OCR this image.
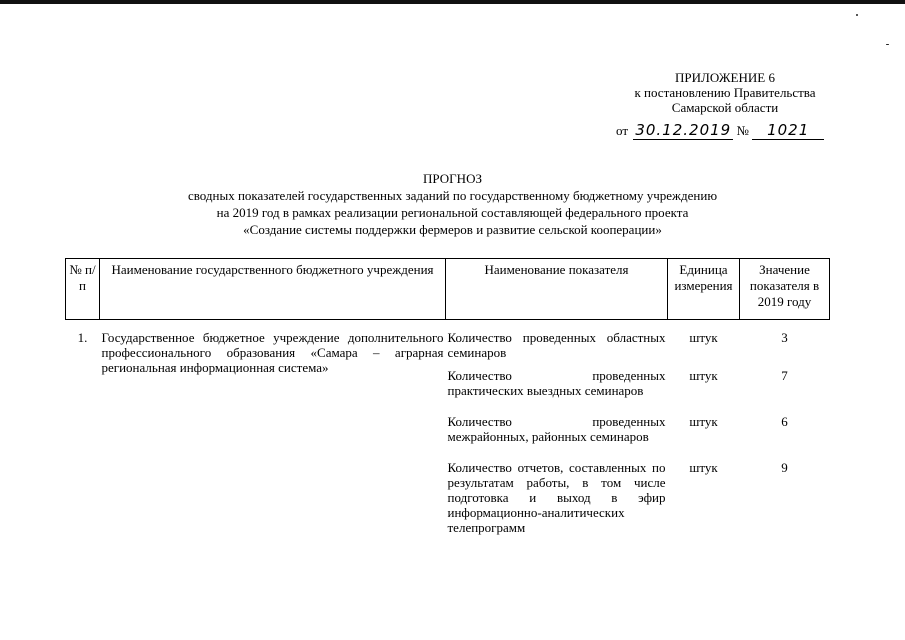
ПРИЛОЖЕНИЕ 6
к постановлению Правительства
Самарской области
от 30.12.2019 № 1021
ПРОГНОЗ
сводных показателей государственных заданий по государственному бюджетному учреждению
на 2019 год в рамках реализации региональной составляющей федерального проекта
«Создание системы поддержки фермеров и развитие сельской кооперации»
№ п/п	Наименование государственного бюджетного учреждения	Наименование показателя	Единица измерения	Значение показателя в 2019 году
1.	Государственное бюджетное учреждение дополнительного профессионального образования «Самара – аграрная региональная информационная система»	Количество проведенных областных семинаров	штук	3
		Количество проведенных практических выездных семинаров	штук	7
		Количество проведенных межрайонных, районных семинаров	штук	6
		Количество отчетов, составленных по результатам работы, в том числе подготовка и выход в эфир информационно-аналитических телепрограмм	штук	9
